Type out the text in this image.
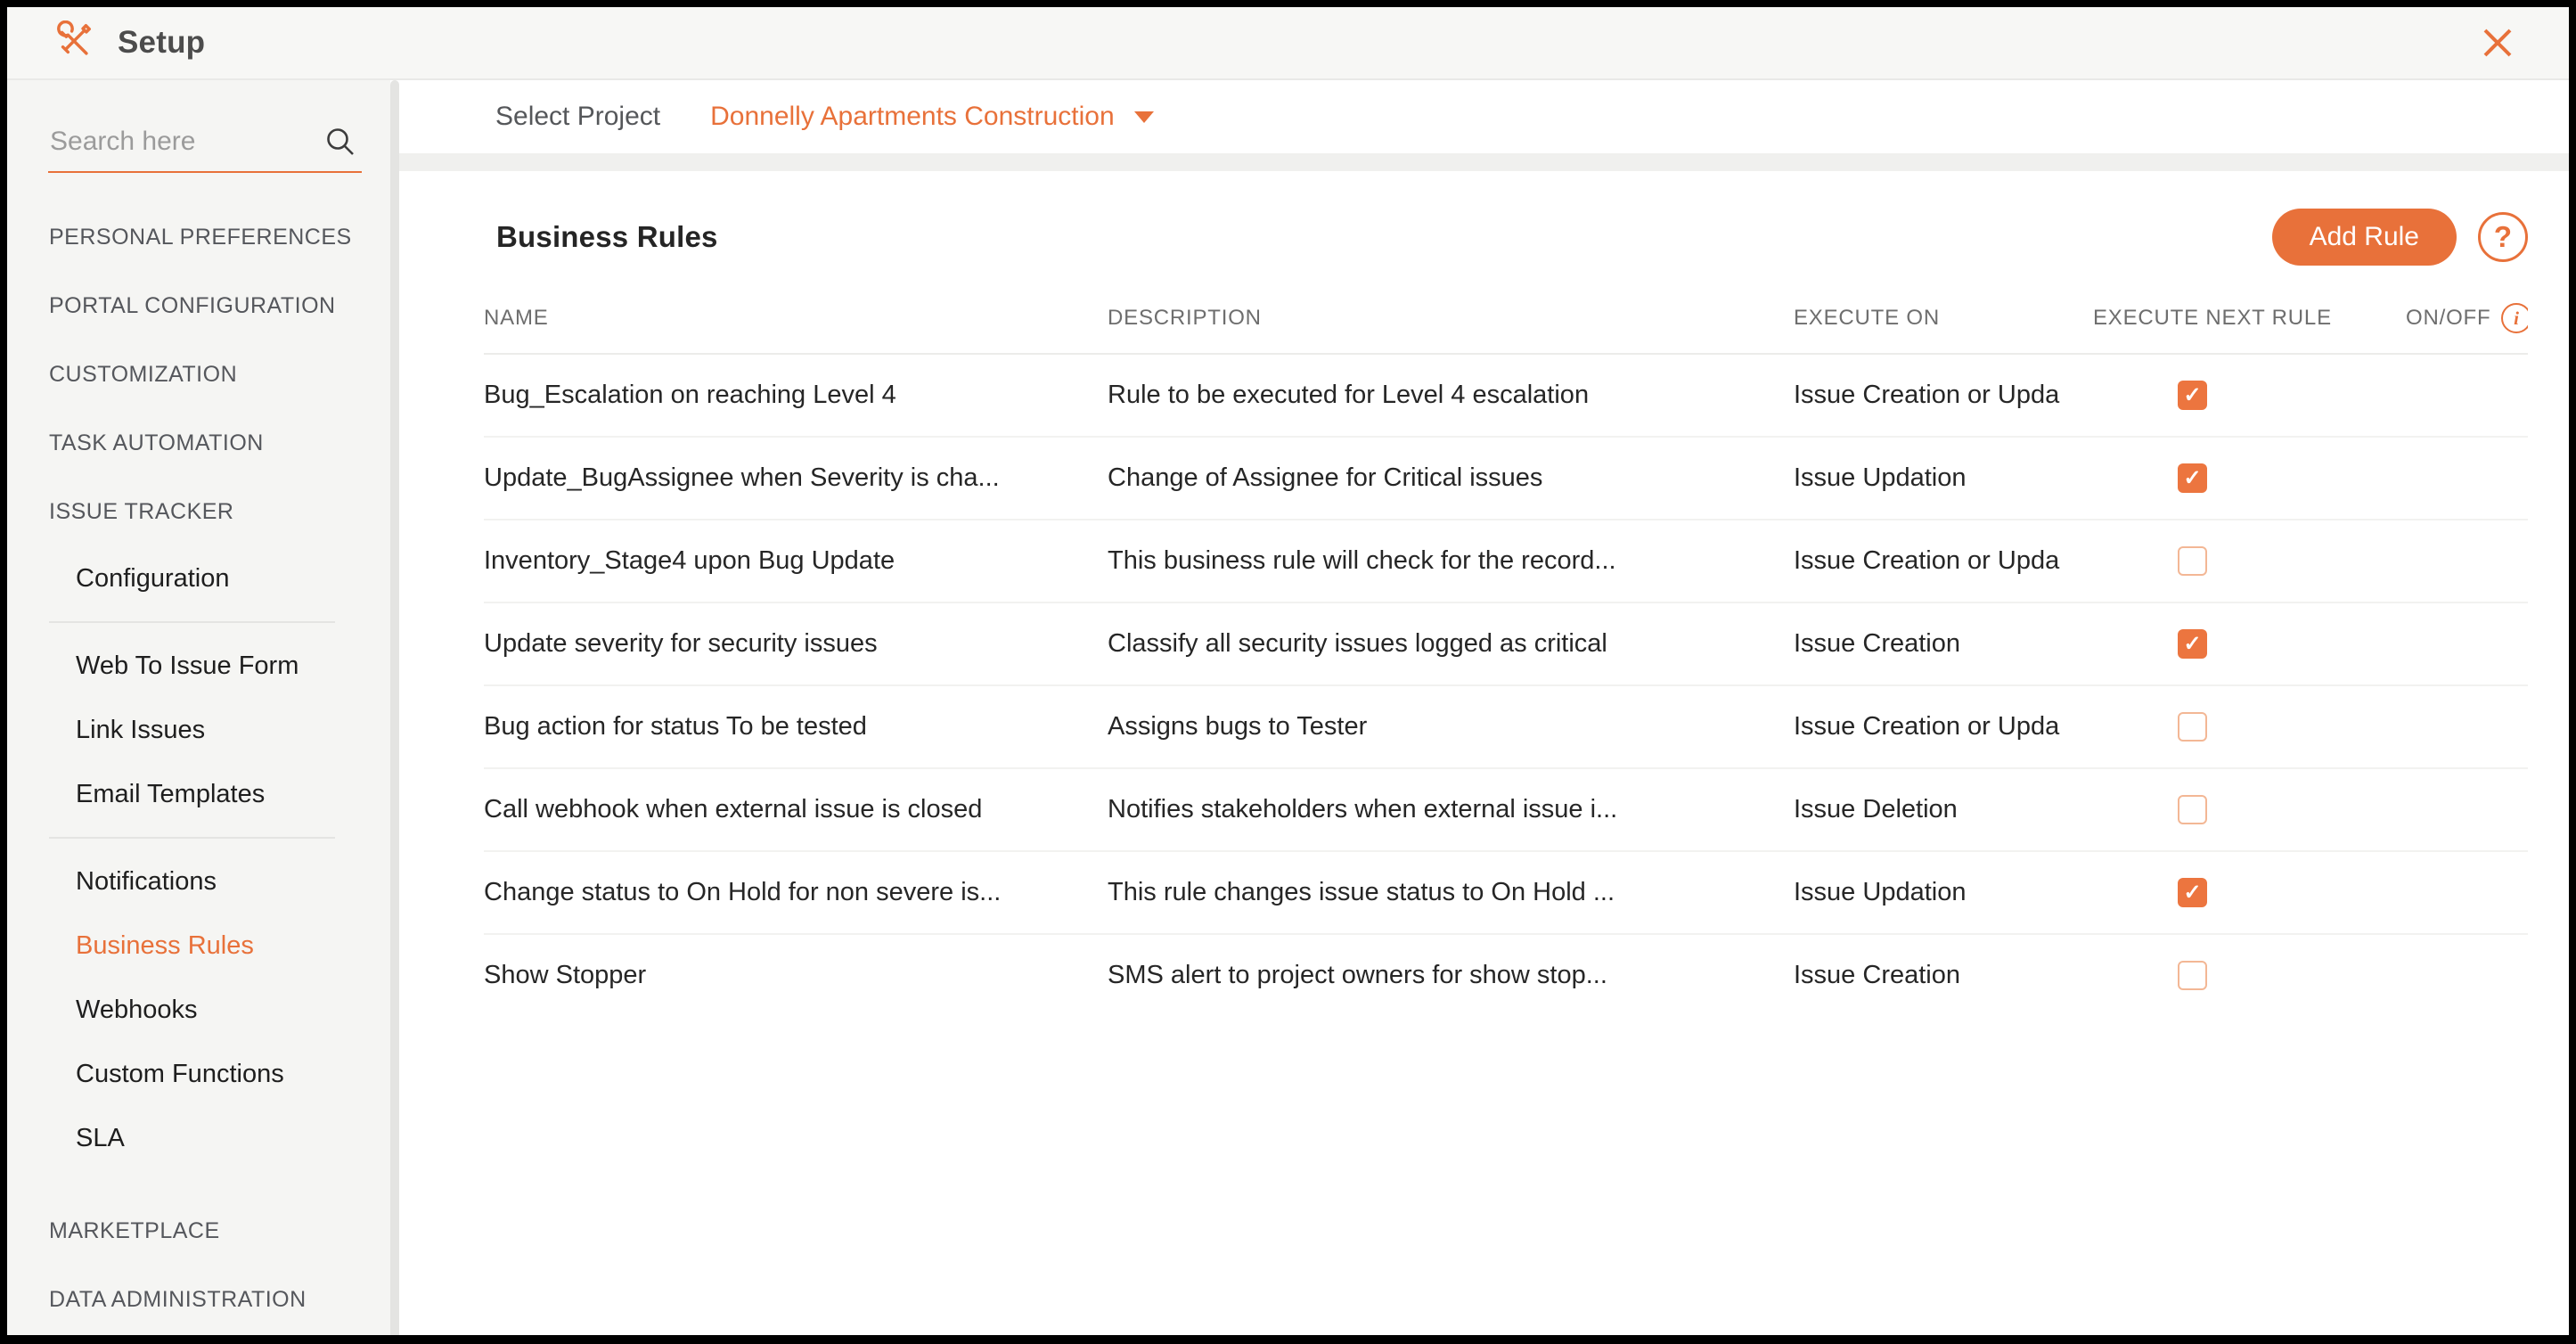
Setup
Search here
PERSONAL PREFERENCES
PORTAL CONFIGURATION
CUSTOMIZATION
TASK AUTOMATION
ISSUE TRACKER
Configuration
Web To Issue Form
Link Issues
Email Templates
Notifications
Business Rules
Webhooks
Custom Functions
SLA
MARKETPLACE
DATA ADMINISTRATION
Select Project Donnelly Apartments Construction
Business Rules	Add Rule	?
NAME	DESCRIPTION	EXECUTE ON	EXECUTE NEXT RULE	ON/OFF	i
Bug_Escalation on reaching Level 4	Rule to be executed for Level 4 escalation	Issue Creation or Upda	✓
Update_BugAssignee when Severity is cha...	Change of Assignee for Critical issues	Issue Updation	✓
Inventory_Stage4 upon Bug Update	This business rule will check for the record...	Issue Creation or Upda
Update severity for security issues	Classify all security issues logged as critical	Issue Creation	✓
Bug action for status To be tested	Assigns bugs to Tester	Issue Creation or Upda
Call webhook when external issue is closed	Notifies stakeholders when external issue i...	Issue Deletion
Change status to On Hold for non severe is...	This rule changes issue status to On Hold ...	Issue Updation	✓
Show Stopper	SMS alert to project owners for show stop...	Issue Creation
